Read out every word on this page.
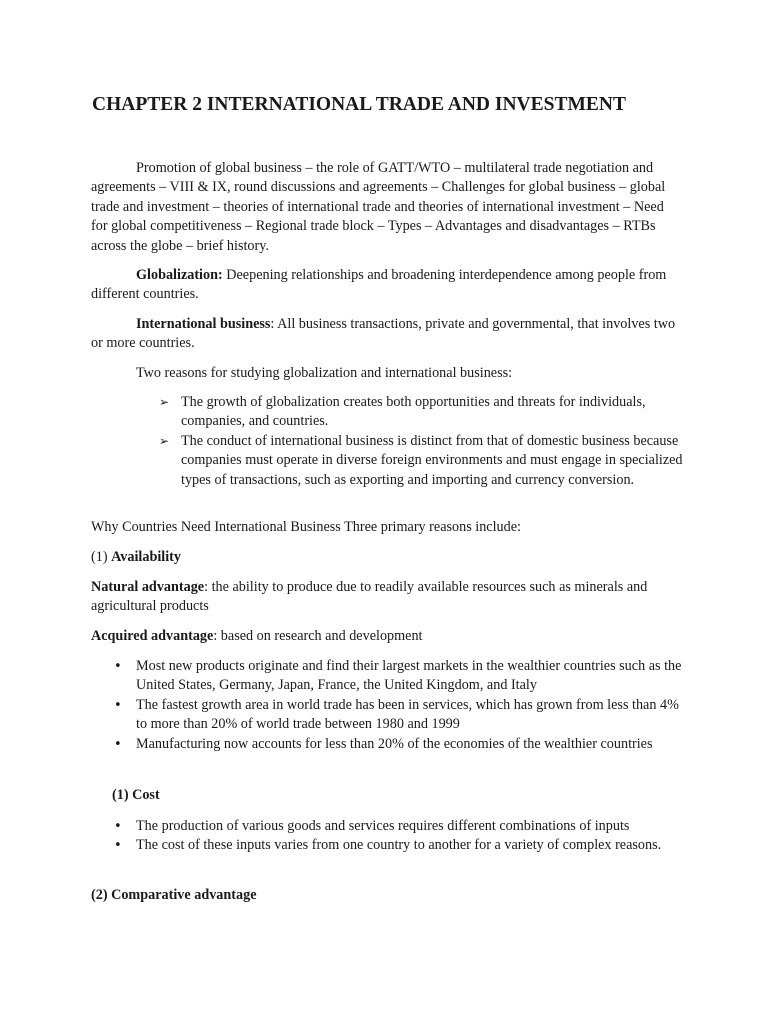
CHAPTER 2 INTERNATIONAL TRADE AND INVESTMENT

Promotion of global business – the role of GATT/WTO – multilateral trade negotiation and agreements – VIII & IX, round discussions and agreements – Challenges for global business – global trade and investment – theories of international trade and theories of international investment – Need for global competitiveness – Regional trade block – Types – Advantages and disadvantages – RTBs across the globe – brief history.

Globalization: Deepening relationships and broadening interdependence among people from different countries.

International business: All business transactions, private and governmental, that involves two or more countries.

Two reasons for studying globalization and international business:

➢ The growth of globalization creates both opportunities and threats for individuals, companies, and countries.
➢ The conduct of international business is distinct from that of domestic business because companies must operate in diverse foreign environments and must engage in specialized types of transactions, such as exporting and importing and currency conversion.

Why Countries Need International Business Three primary reasons include:

(1) Availability

Natural advantage: the ability to produce due to readily available resources such as minerals and agricultural products

Acquired advantage: based on research and development

• Most new products originate and find their largest markets in the wealthier countries such as the United States, Germany, Japan, France, the United Kingdom, and Italy
• The fastest growth area in world trade has been in services, which has grown from less than 4% to more than 20% of world trade between 1980 and 1999
• Manufacturing now accounts for less than 20% of the economies of the wealthier countries

(1) Cost

• The production of various goods and services requires different combinations of inputs
• The cost of these inputs varies from one country to another for a variety of complex reasons.

(2) Comparative advantage
